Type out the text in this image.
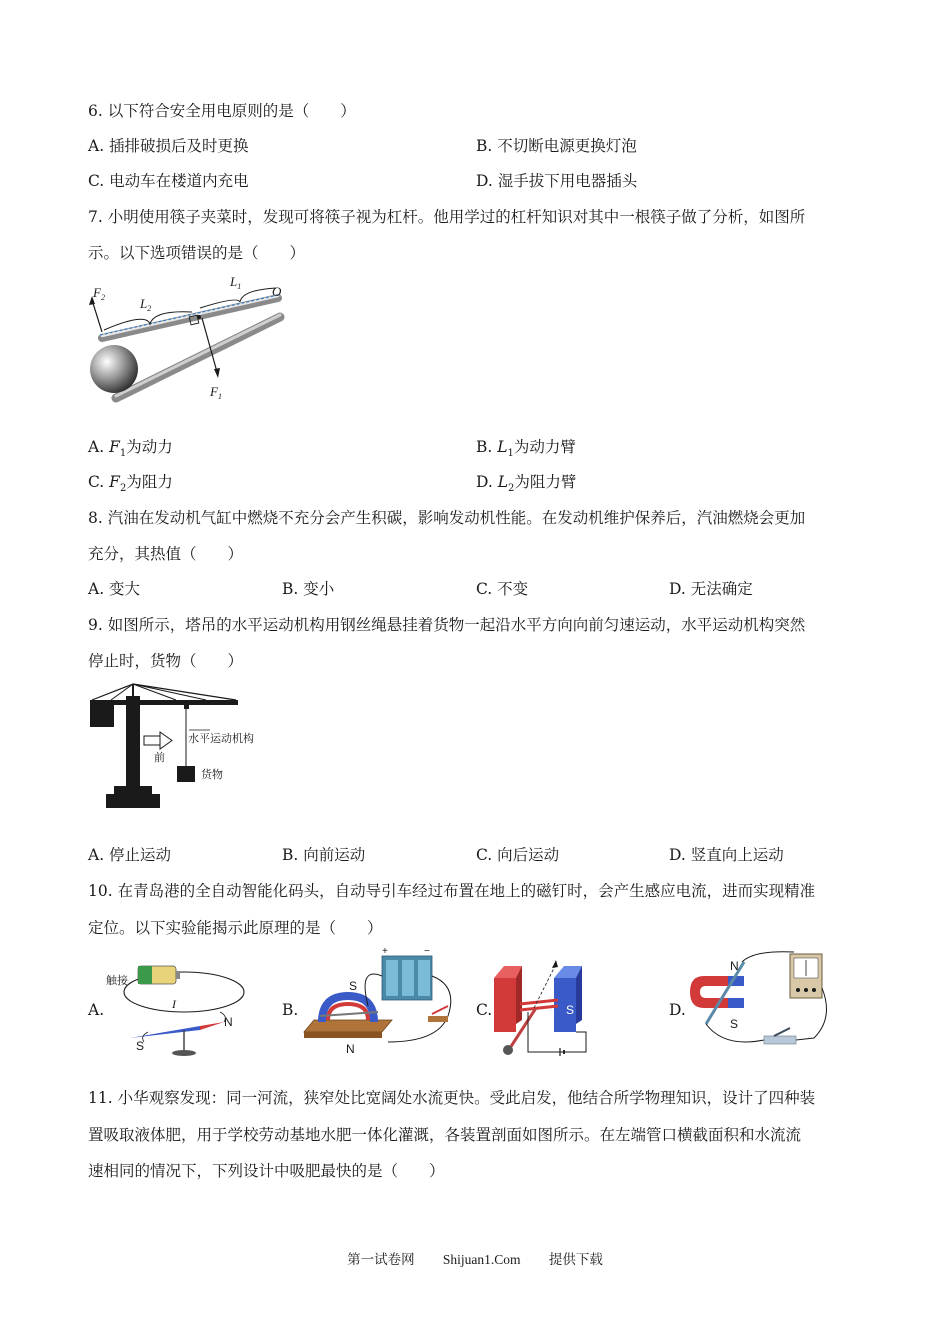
6. 以下符合安全用电原则的是（　　）
A. 插排破损后及时更换	B. 不切断电源更换灯泡
C. 电动车在楼道内充电	D. 湿手拔下用电器插头
7. 小明使用筷子夹菜时，发现可将筷子视为杠杆。他用学过的杠杆知识对其中一根筷子做了分析，如图所
示。以下选项错误的是（　　）
$F_2$	$L_2$
$L_1$ O
$F_1$
A. $F_1$为动力	B. $L_1$为动力臂
C. $F_2$为阻力	D. $L_2$为阻力臂
8. 汽油在发动机气缸中燃烧不充分会产生积碳，影响发动机性能。在发动机维护保养后，汽油燃烧会更加
充分，其热值（　　）
A. 变大	B. 变小	C. 不变	D. 无法确定
9. 如图所示，塔吊的水平运动机构用钢丝绳悬挂着货物一起沿水平方向向前匀速运动，水平运动机构突然
停止时，货物（　　）
前
水平运动机构
货物
A. 停止运动	B. 向前运动	C. 向后运动	D. 竖直向上运动
10. 在青岛港的全自动智能化码头，自动导引车经过布置在地上的磁钉时，会产生感应电流，进而实现精准
定位。以下实验能揭示此原理的是（　　）
A.
触接
I
N
S
B.
+	−
S
N
C.	S	D.
N
S
11. 小华观察发现：同一河流，狭窄处比宽阔处水流更快。受此启发，他结合所学物理知识，设计了四种装
置吸取液体肥，用于学校劳动基地水肥一体化灌溉，各装置剖面如图所示。在左端管口横截面积和水流流
速相同的情况下，下列设计中吸肥最快的是（　　）
第一试卷网 Shijuan1.Com 提供下载
